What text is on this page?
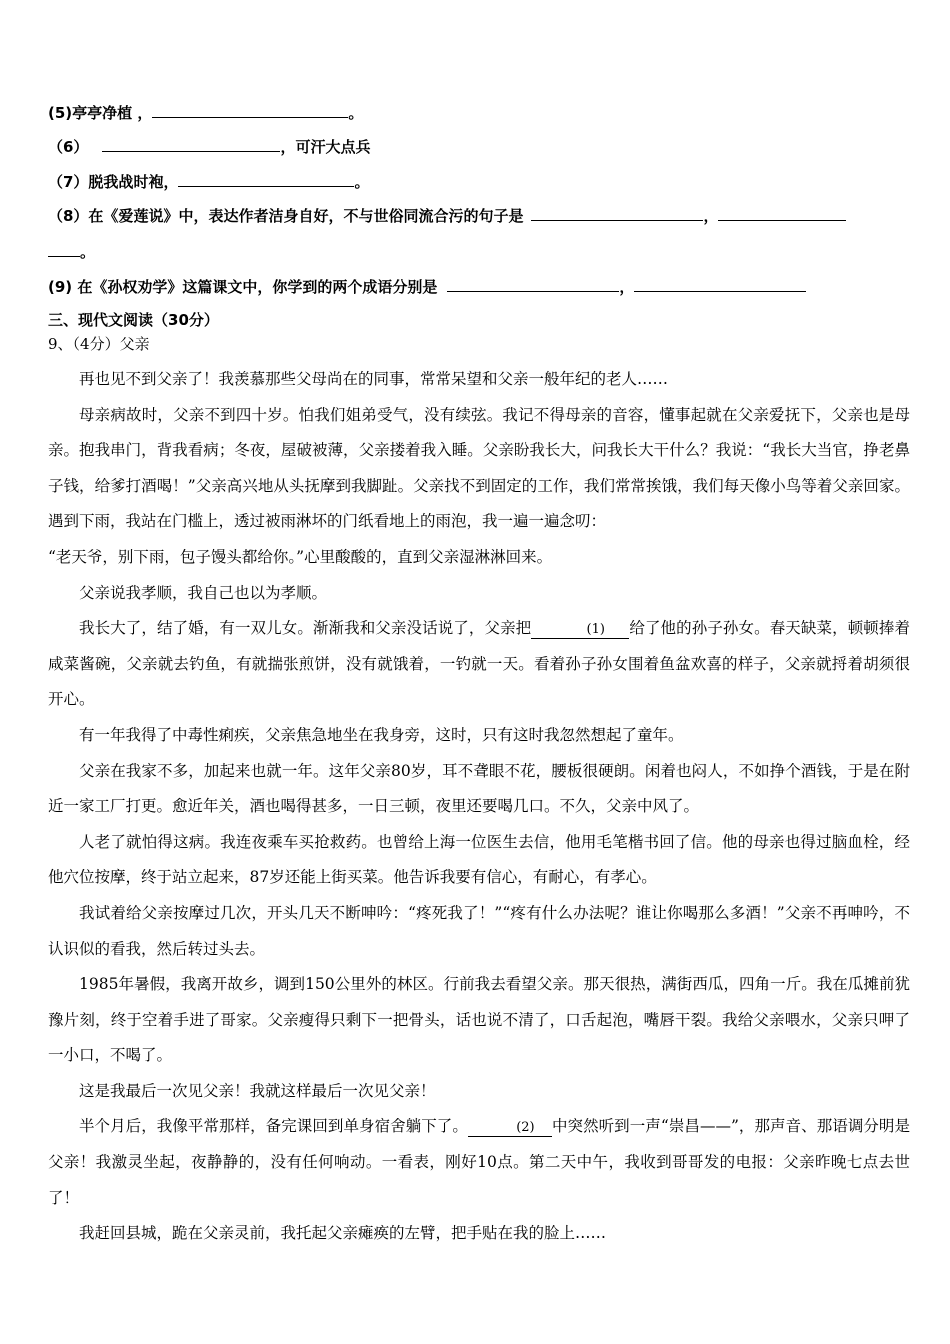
(5)亭亭净植 ，	。
（6）	，可汗大点兵
（7）脱我战时袍，	。
（8）在《爱莲说》中，表达作者洁身自好，不与世俗同流合污的句子是	，
。
(9) 在《孙权劝学》这篇课文中，你学到的两个成语分别是	，
三、现代文阅读（30分）
9、（4分）父亲

再也见不到父亲了！我羡慕那些父母尚在的同事，常常呆望和父亲一般年纪的老人……

母亲病故时，父亲不到四十岁。怕我们姐弟受气，没有续弦。我记不得母亲的音容，懂事起就在父亲爱抚下，父亲也是母亲。抱我串门，背我看病；冬夜，屋破被薄，父亲搂着我入睡。父亲盼我长大，问我长大干什么？我说：“我长大当官，挣老鼻子钱，给爹打酒喝！”父亲高兴地从头抚摩到我脚趾。父亲找不到固定的工作，我们常常挨饿，我们每天像小鸟等着父亲回家。遇到下雨，我站在门槛上，透过被雨淋坏的门纸看地上的雨泡，我一遍一遍念叨：

“老天爷，别下雨，包子馒头都给你。”心里酸酸的，直到父亲湿淋淋回来。

父亲说我孝顺，我自己也以为孝顺。

我长大了，结了婚，有一双儿女。渐渐我和父亲没话说了，父亲把	(1) 给了他的孙子孙女。春天缺菜，顿顿捧着咸菜酱碗，父亲就去钓鱼，有就揣张煎饼，没有就饿着，一钓就一天。看着孙子孙女围着鱼盆欢喜的样子，父亲就捋着胡须很开心。

有一年我得了中毒性痢疾，父亲焦急地坐在我身旁，这时，只有这时我忽然想起了童年。

父亲在我家不多，加起来也就一年。这年父亲80岁，耳不聋眼不花，腰板很硬朗。闲着也闷人，不如挣个酒钱，于是在附近一家工厂打更。愈近年关，酒也喝得甚多，一日三顿，夜里还要喝几口。不久，父亲中风了。

人老了就怕得这病。我连夜乘车买抢救药。也曾给上海一位医生去信，他用毛笔楷书回了信。他的母亲也得过脑血栓，经他穴位按摩，终于站立起来，87岁还能上街买菜。他告诉我要有信心，有耐心，有孝心。

我试着给父亲按摩过几次，开头几天不断呻吟：“疼死我了！”“疼有什么办法呢？谁让你喝那么多酒！”父亲不再呻吟，不认识似的看我，然后转过头去。

1985年暑假，我离开故乡，调到150公里外的林区。行前我去看望父亲。那天很热，满街西瓜，四角一斤。我在瓜摊前犹豫片刻，终于空着手进了哥家。父亲瘦得只剩下一把骨头，话也说不清了，口舌起泡，嘴唇干裂。我给父亲喂水，父亲只呷了一小口，不喝了。

这是我最后一次见父亲！我就这样最后一次见父亲！

半个月后，我像平常那样，备完课回到单身宿舍躺下了。	(2) 中突然听到一声“崇昌——”，那声音、那语调分明是父亲！我激灵坐起，夜静静的，没有任何响动。一看表，刚好10点。第二天中午，我收到哥哥发的电报：父亲昨晚七点去世了！

我赶回县城，跪在父亲灵前，我托起父亲瘫痪的左臂，把手贴在我的脸上……
